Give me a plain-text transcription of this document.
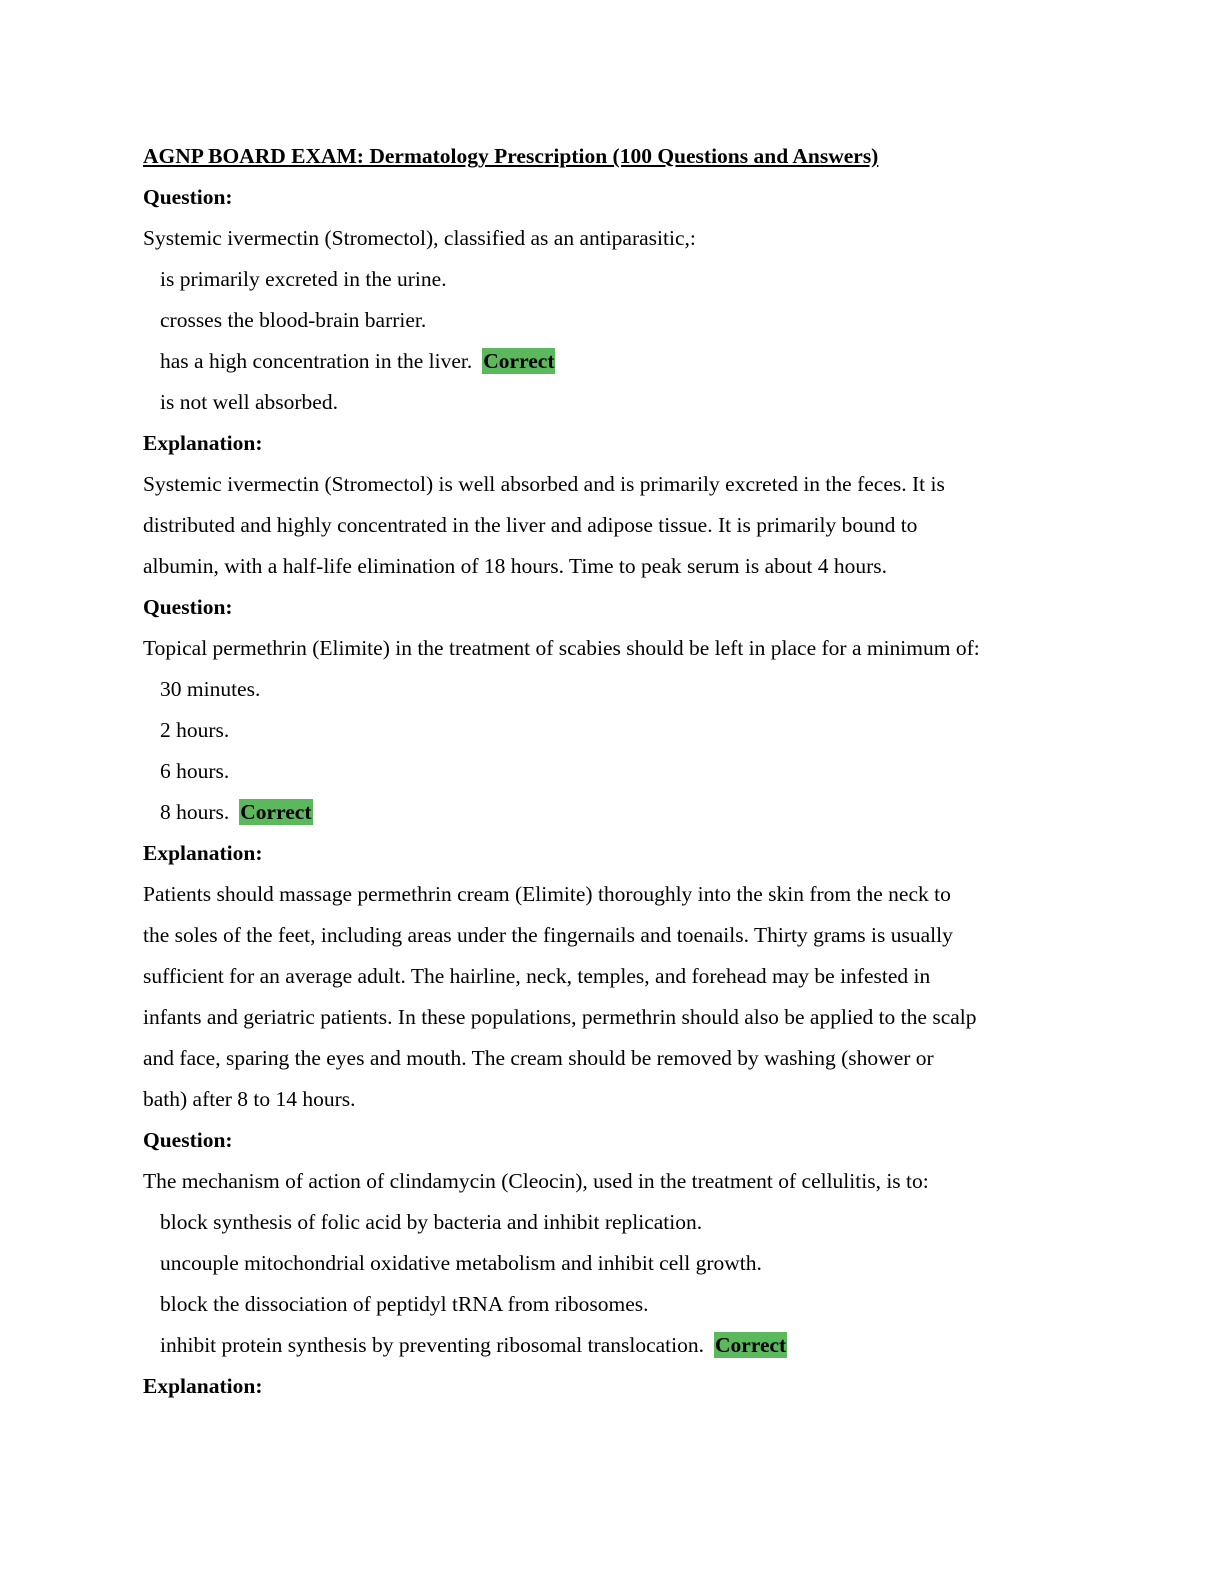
AGNP BOARD EXAM: Dermatology Prescription (100 Questions and Answers)
Question:
Systemic ivermectin (Stromectol), classified as an antiparasitic,:
is primarily excreted in the urine.
crosses the blood-brain barrier.
has a high concentration in the liver. Correct
is not well absorbed.
Explanation:
Systemic ivermectin (Stromectol) is well absorbed and is primarily excreted in the feces. It is
distributed and highly concentrated in the liver and adipose tissue. It is primarily bound to
albumin, with a half-life elimination of 18 hours. Time to peak serum is about 4 hours.
Question:
Topical permethrin (Elimite) in the treatment of scabies should be left in place for a minimum of:
30 minutes.
2 hours.
6 hours.
8 hours. Correct
Explanation:
Patients should massage permethrin cream (Elimite) thoroughly into the skin from the neck to
the soles of the feet, including areas under the fingernails and toenails. Thirty grams is usually
sufficient for an average adult. The hairline, neck, temples, and forehead may be infested in
infants and geriatric patients. In these populations, permethrin should also be applied to the scalp
and face, sparing the eyes and mouth. The cream should be removed by washing (shower or
bath) after 8 to 14 hours.
Question:
The mechanism of action of clindamycin (Cleocin), used in the treatment of cellulitis, is to:
block synthesis of folic acid by bacteria and inhibit replication.
uncouple mitochondrial oxidative metabolism and inhibit cell growth.
block the dissociation of peptidyl tRNA from ribosomes.
inhibit protein synthesis by preventing ribosomal translocation. Correct
Explanation:
